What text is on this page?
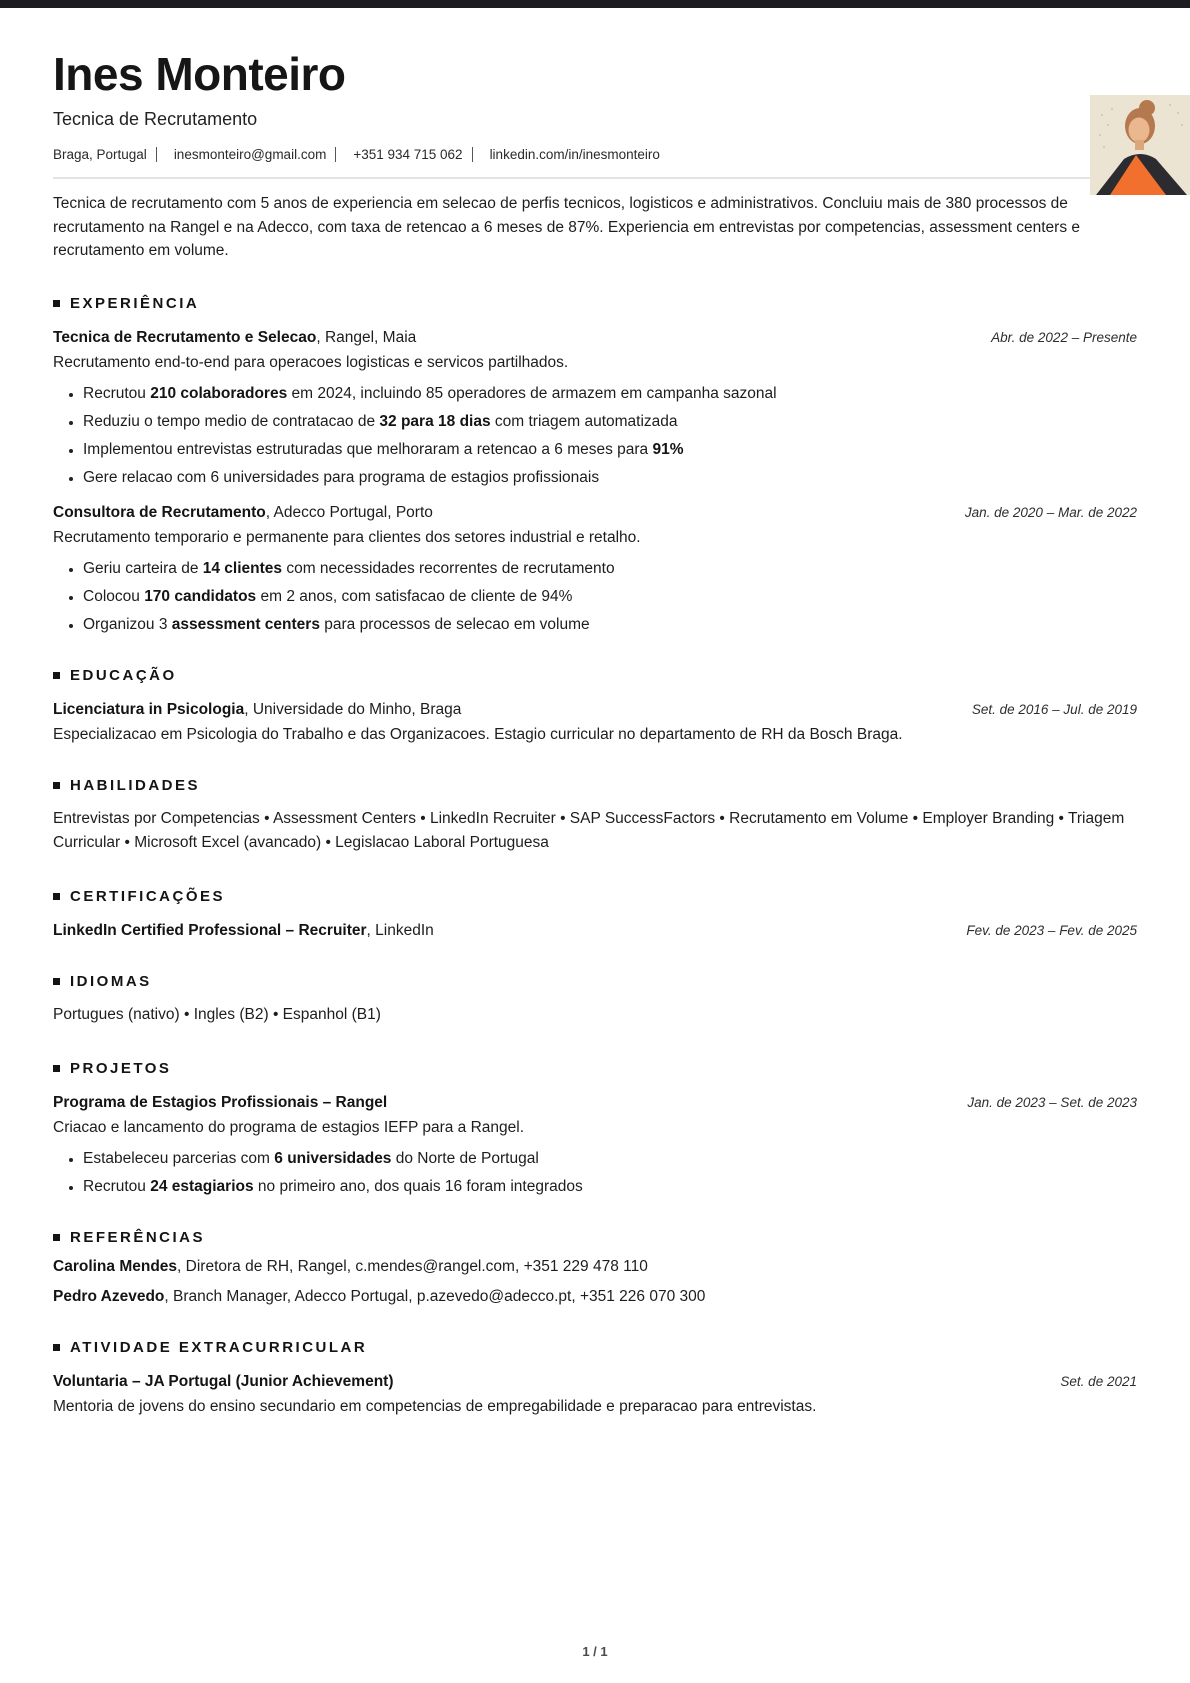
Ines Monteiro

Tecnica de Recrutamento

Braga, Portugal inesmonteiro@gmail.com +351 934 715 062 linkedin.com/in/inesmonteiro

Tecnica de recrutamento com 5 anos de experiencia em selecao de perfis tecnicos, logisticos e administrativos. Concluiu mais de 380 processos de recrutamento na Rangel e na Adecco, com taxa de retencao a 6 meses de 87%. Experiencia em entrevistas por competencias, assessment centers e recrutamento em volume.

EXPERIÊNCIA

Tecnica de Recrutamento e Selecao, Rangel, Maia	Abr. de 2022 – Presente

Recrutamento end-to-end para operacoes logisticas e servicos partilhados.

Recrutou 210 colaboradores em 2024, incluindo 85 operadores de armazem em campanha sazonal
Reduziu o tempo medio de contratacao de 32 para 18 dias com triagem automatizada
Implementou entrevistas estruturadas que melhoraram a retencao a 6 meses para 91%
Gere relacao com 6 universidades para programa de estagios profissionais

Consultora de Recrutamento, Adecco Portugal, Porto	Jan. de 2020 – Mar. de 2022

Recrutamento temporario e permanente para clientes dos setores industrial e retalho.

Geriu carteira de 14 clientes com necessidades recorrentes de recrutamento
Colocou 170 candidatos em 2 anos, com satisfacao de cliente de 94%
Organizou 3 assessment centers para processos de selecao em volume
EDUCAÇÃO

Licenciatura in Psicologia, Universidade do Minho, Braga	Set. de 2016 – Jul. de 2019

Especializacao em Psicologia do Trabalho e das Organizacoes. Estagio curricular no departamento de RH da Bosch Braga.

HABILIDADES

Entrevistas por Competencias • Assessment Centers • LinkedIn Recruiter • SAP SuccessFactors • Recrutamento em Volume • Employer Branding • Triagem Curricular • Microsoft Excel (avancado) • Legislacao Laboral Portuguesa

CERTIFICAÇÕES

LinkedIn Certified Professional – Recruiter, LinkedIn	Fev. de 2023 – Fev. de 2025

IDIOMAS

Portugues (nativo) • Ingles (B2) • Espanhol (B1)

PROJETOS

Programa de Estagios Profissionais – Rangel	Jan. de 2023 – Set. de 2023

Criacao e lancamento do programa de estagios IEFP para a Rangel.

Estabeleceu parcerias com 6 universidades do Norte de Portugal
Recrutou 24 estagiarios no primeiro ano, dos quais 16 foram integrados
REFERÊNCIAS

Carolina Mendes, Diretora de RH, Rangel, c.mendes@rangel.com, +351 229 478 110

Pedro Azevedo, Branch Manager, Adecco Portugal, p.azevedo@adecco.pt, +351 226 070 300

ATIVIDADE EXTRACURRICULAR

Voluntaria – JA Portugal (Junior Achievement)	Set. de 2021

Mentoria de jovens do ensino secundario em competencias de empregabilidade e preparacao para entrevistas.

1 / 1
